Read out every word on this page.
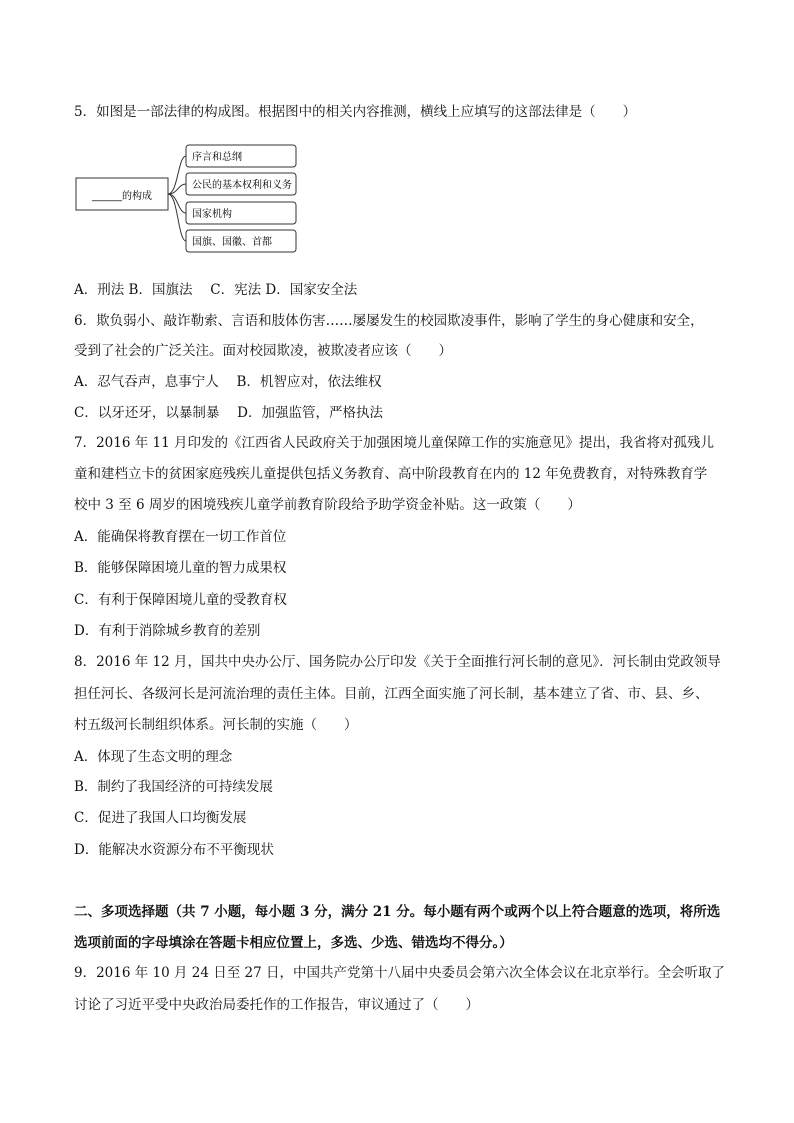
5．如图是一部法律的构成图。根据图中的相关内容推测，横线上应填写的这部法律是（　　）
______的构成
序言和总纲
公民的基本权利和义务
国家机构
国旗、国徽、首都
A．刑法 B．国旗法　 C．宪法 D．国家安全法
6．欺负弱小、敲诈勒索、言语和肢体伤害……屡屡发生的校园欺凌事件，影响了学生的身心健康和安全，
受到了社会的广泛关注。面对校园欺凌，被欺凌者应该（　　）
A．忍气吞声，息事宁人　 B．机智应对，依法维权
C．以牙还牙，以暴制暴　 D．加强监管，严格执法
7．2016 年 11 月印发的《江西省人民政府关于加强困境儿童保障工作的实施意见》提出，我省将对孤残儿
童和建档立卡的贫困家庭残疾儿童提供包括义务教育、高中阶段教育在内的 12 年免费教育，对特殊教育学
校中 3 至 6 周岁的困境残疾儿童学前教育阶段给予助学资金补贴。这一政策（　　）
A．能确保将教育摆在一切工作首位
B．能够保障困境儿童的智力成果权
C．有利于保障困境儿童的受教育权
D．有利于消除城乡教育的差别
8．2016 年 12 月，国共中央办公厅、国务院办公厅印发《关于全面推行河长制的意见》．河长制由党政领导
担任河长、各级河长是河流治理的责任主体。目前，江西全面实施了河长制，基本建立了省、市、县、乡、
村五级河长制组织体系。河长制的实施（　　）
A．体现了生态文明的理念
B．制约了我国经济的可持续发展
C．促进了我国人口均衡发展
D．能解决水资源分布不平衡现状
二、多项选择题（共 7 小题，每小题 3 分，满分 21 分。每小题有两个或两个以上符合题意的选项，将所选
选项前面的字母填涂在答题卡相应位置上，多选、少选、错选均不得分。）
9．2016 年 10 月 24 日至 27 日，中国共产党第十八届中央委员会第六次全体会议在北京举行。全会听取了
讨论了习近平受中央政治局委托作的工作报告，审议通过了（　　）
